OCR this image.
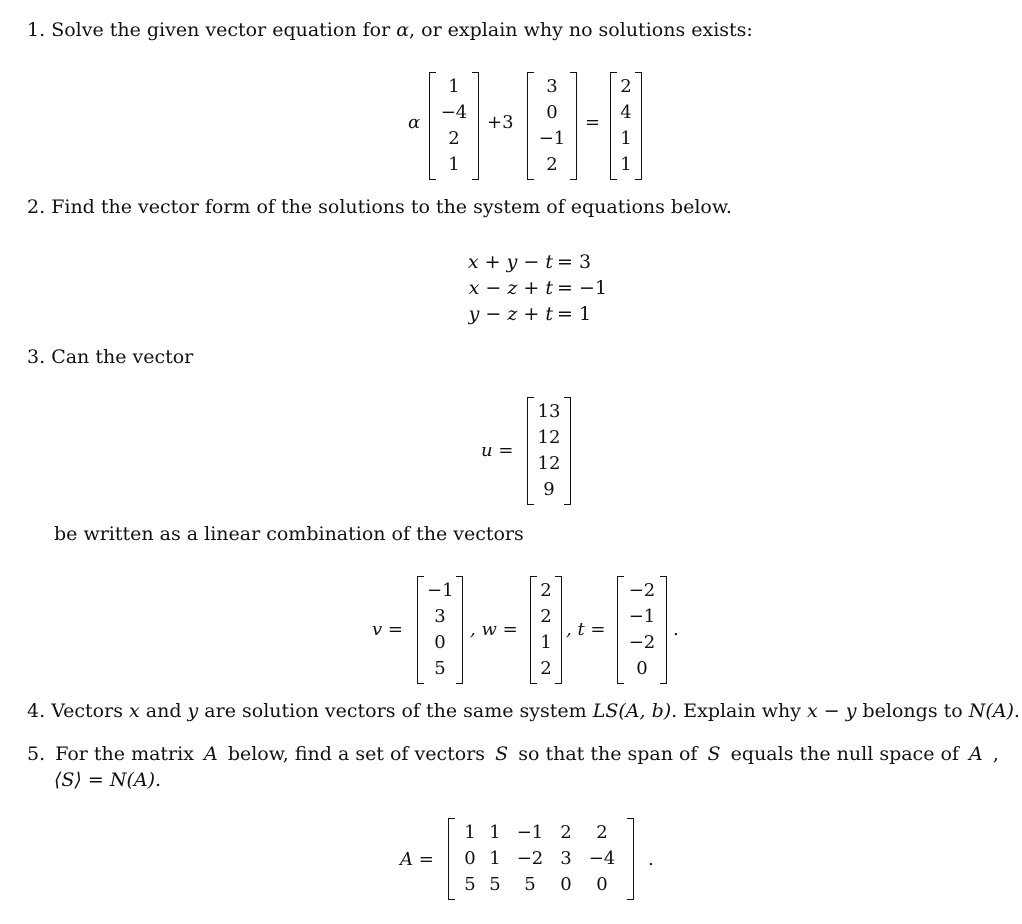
1. Solve the given vector equation for α, or explain why no solutions exists:
α
1
−4
2
1
+3
3
0
−1
2
=
2
4
1
1
2. Find the vector form of the solutions to the system of equations below.
x + y − t = 3
x − z + t = −1
y − z + t = 1
3. Can the vector
u =
13
12
12
9
be written as a linear combination of the vectors
v =
−1
3
0
5
, w =
2
2
1
2
, t =
−2
−1
−2
0
.
4. Vectors x and y are solution vectors of the same system LS(A, b). Explain why x − y belongs to N(A).
5. For the matrix A below, find a set of vectors S so that the span of S equals the null space of A ,
⟨S⟩ = N(A).
A =
1 1 −1 2	2
0 1 −2 3 −4
5 5	5	0	0
.
